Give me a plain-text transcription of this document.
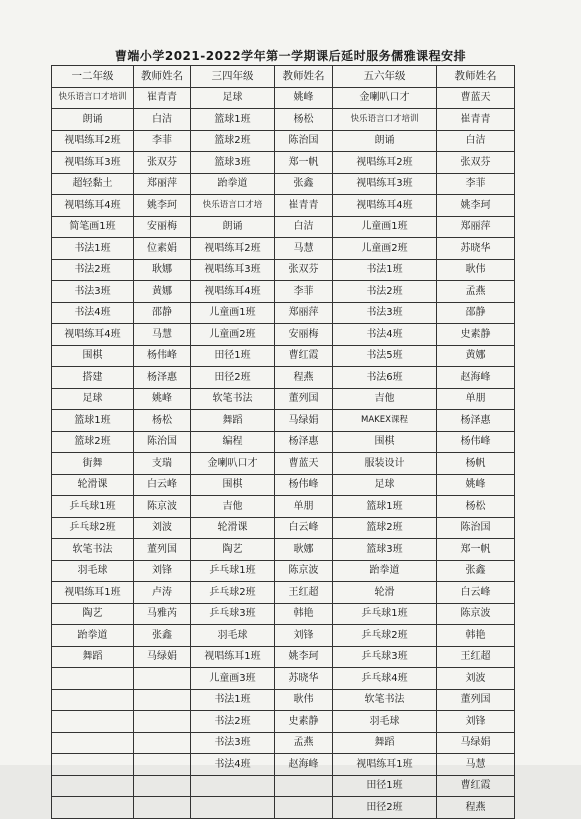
曹端小学2021-2022学年第一学期课后延时服务儒雅课程安排
一二年级	教师姓名	三四年级	教师姓名	五六年级	教师姓名
快乐语言口才培训	崔青青	足球	姚峰	金喇叭口才	曹蓝天
朗诵	白洁	篮球1班	杨松	快乐语言口才培训	崔青青
视唱练耳2班	李菲	篮球2班	陈治国	朗诵	白洁
视唱练耳3班	张双芬	篮球3班	郑一帆	视唱练耳2班	张双芬
超轻黏土	郑丽萍	跆拳道	张鑫	视唱练耳3班	李菲
视唱练耳4班	姚李珂	快乐语言口才培	崔青青	视唱练耳4班	姚李珂
简笔画1班	安丽梅	朗诵	白洁	儿童画1班	郑丽萍
书法1班	位素娟	视唱练耳2班	马慧	儿童画2班	苏晓华
书法2班	耿娜	视唱练耳3班	张双芬	书法1班	耿伟
书法3班	黄娜	视唱练耳4班	李菲	书法2班	孟燕
书法4班	邵静	儿童画1班	郑丽萍	书法3班	邵静
视唱练耳4班	马慧	儿童画2班	安丽梅	书法4班	史素静
围棋	杨伟峰	田径1班	曹红霞	书法5班	黄娜
搭建	杨泽惠	田径2班	程燕	书法6班	赵海峰
足球	姚峰	软笔书法	董列国	吉他	单朋
篮球1班	杨松	舞蹈	马绿娟	MAKEX课程	杨泽惠
篮球2班	陈治国	编程	杨泽惠	围棋	杨伟峰
街舞	支瑞	金喇叭口才	曹蓝天	服装设计	杨帆
轮滑课	白云峰	围棋	杨伟峰	足球	姚峰
乒乓球1班	陈京波	吉他	单朋	篮球1班	杨松
乒乓球2班	刘波	轮滑课	白云峰	篮球2班	陈治国
软笔书法	董列国	陶艺	耿娜	篮球3班	郑一帆
羽毛球	刘锋	乒乓球1班	陈京波	跆拳道	张鑫
视唱练耳1班	卢涛	乒乓球2班	王红超	轮滑	白云峰
陶艺	马雅芮	乒乓球3班	韩艳	乒乓球1班	陈京波
跆拳道	张鑫	羽毛球	刘锋	乒乓球2班	韩艳
舞蹈	马绿娟	视唱练耳1班	姚李珂	乒乓球3班	王红超
		儿童画3班	苏晓华	乒乓球4班	刘波
		书法1班	耿伟	软笔书法	董列国
		书法2班	史素静	羽毛球	刘锋
		书法3班	孟燕	舞蹈	马绿娟
		书法4班	赵海峰	视唱练耳1班	马慧
				田径1班	曹红霞
				田径2班	程燕
